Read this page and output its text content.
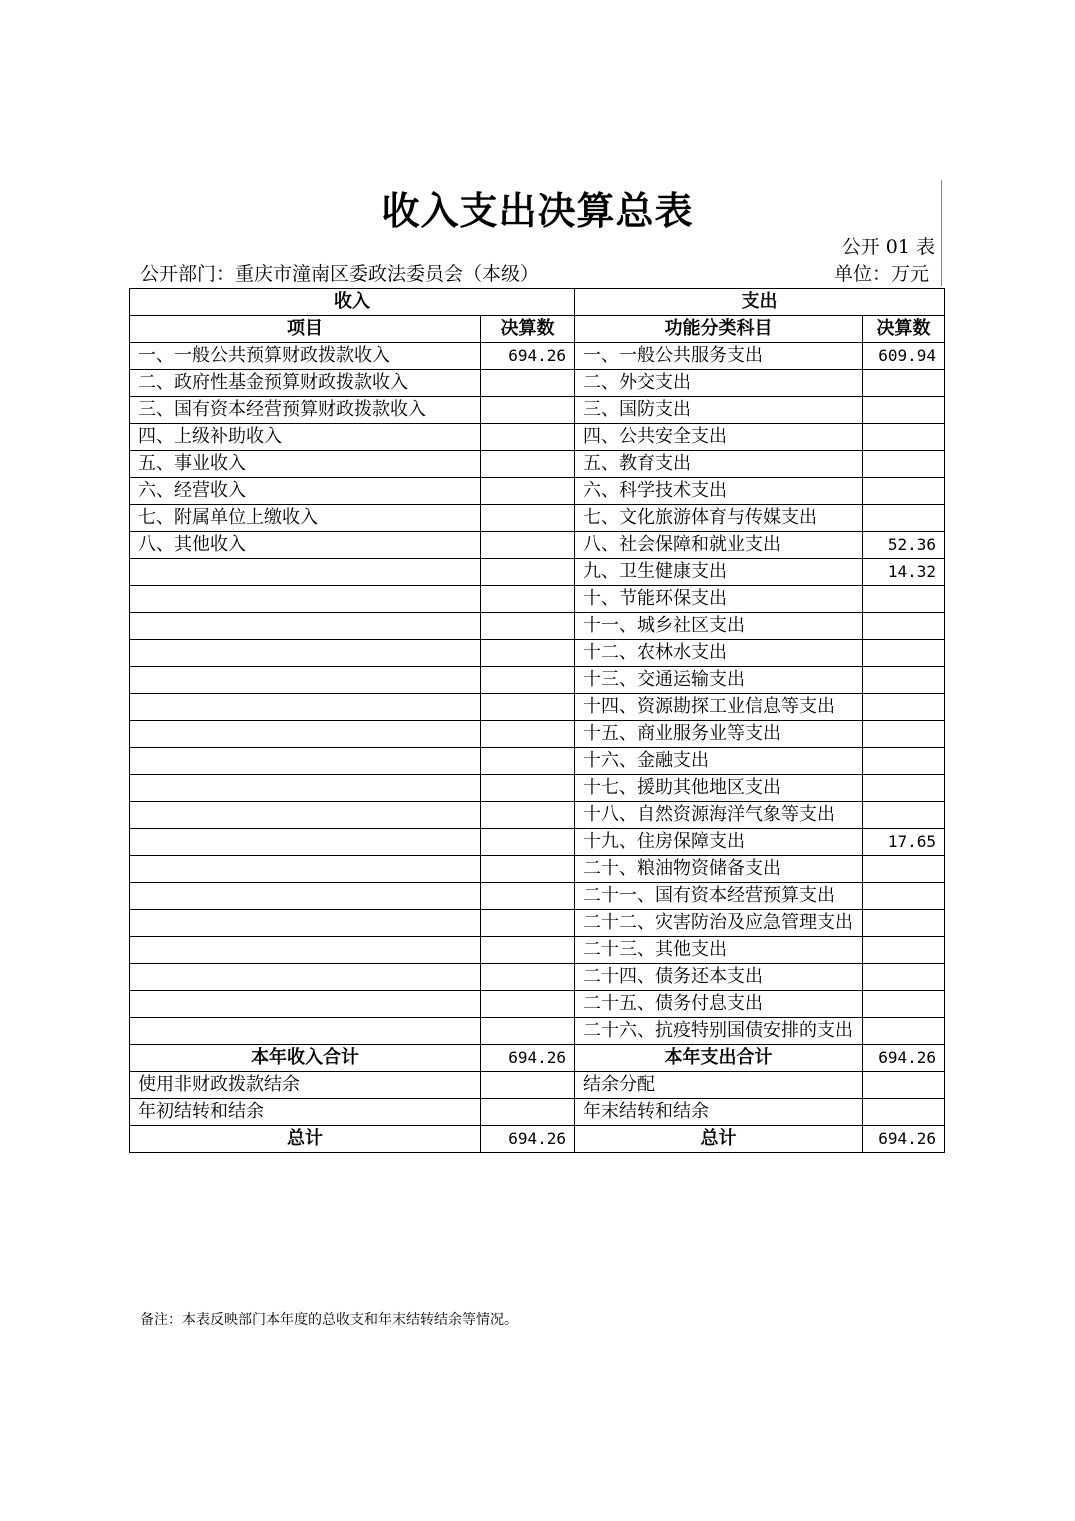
收入支出决算总表
公开 01 表
公开部门：重庆市潼南区委政法委员会（本级）	单位：万元
收入		支出	
项目	决算数	功能分类科目	决算数
一、一般公共预算财政拨款收入	694.26	一、一般公共服务支出	609.94
二、政府性基金预算财政拨款收入		二、外交支出	
三、国有资本经营预算财政拨款收入		三、国防支出	
四、上级补助收入		四、公共安全支出	
五、事业收入		五、教育支出	
六、经营收入		六、科学技术支出	
七、附属单位上缴收入		七、文化旅游体育与传媒支出	
八、其他收入		八、社会保障和就业支出	52.36
		九、卫生健康支出	14.32
		十、节能环保支出	
		十一、城乡社区支出	
		十二、农林水支出	
		十三、交通运输支出	
		十四、资源勘探工业信息等支出	
		十五、商业服务业等支出	
		十六、金融支出	
		十七、援助其他地区支出	
		十八、自然资源海洋气象等支出	
		十九、住房保障支出	17.65
		二十、粮油物资储备支出	
		二十一、国有资本经营预算支出	
		二十二、灾害防治及应急管理支出	
		二十三、其他支出	
		二十四、债务还本支出	
		二十五、债务付息支出	
		二十六、抗疫特别国债安排的支出	
本年收入合计	694.26	本年支出合计	694.26
使用非财政拨款结余		结余分配	
年初结转和结余		年末结转和结余	
总计	694.26	总计	694.26
备注：本表反映部门本年度的总收支和年末结转结余等情况。
